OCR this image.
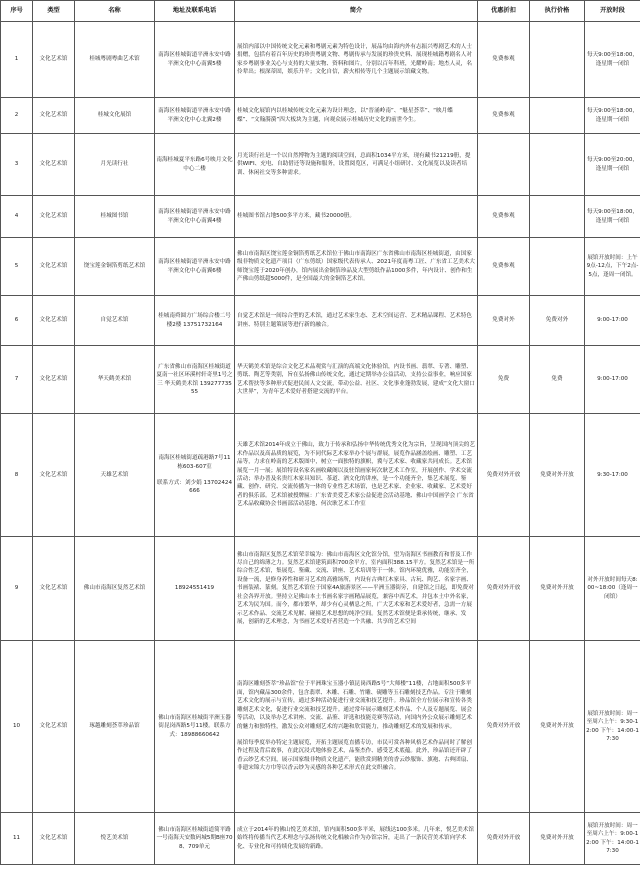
序号	类型	名称	地址及联系电话	简介	优惠折扣	执行价格	开放时段
1	文化艺术馆	桂城粤剧粤曲艺术馆	南海区桂城街道平洲永安中路平洲文化中心南翼5楼	展馆内部以中国传统文化元素和粤剧元素为特色设计，展品均由海内外有志振兴粤剧艺术的人士捐赠，包括有着百年历史的珍贵粤剧文物、粤剧传承与发展的珍贵史料、展现桂城籍粤剧名人对家乡粤剧事业关心与支持的大量实物、资料和图片，分别以百年科班，光耀岭南；地杰人灵，名伶辈出；根深蒂固，娱乐升平；文化自信，薪火相传等几个主题展示馆藏文物。	免费参观		每天9:00至18:00，逢星期一闭馆
2	文化艺术馆	桂城文化展馆	南海区桂城街道平洲永安中路平洲文化中心北翼2楼	桂城文化展馆内以桂城传统文化元素为设计理念，以“晋涌岭南”、“魁星荟萃”、“映月蝶蝶”、“文翰漪漪”四大板块为主题，向观众展示桂城历史文化的前世今生。	免费参观		每天9:00至18:00，逢星期一闭馆
3	文化艺术馆	月光读行社	南海桂城夏平东路6号映月文化中心二楼	月光读行社是一个以自然博物为主题的阅读空间，总面积1034平方米，现有藏书21219册，提供WIFI、充电、自助借还等设施和服务，设置阅览区，可满足小组研讨、文化展览以及读者培训、休闲社交等多种需求。			每天9:00至20:00，逢星期一闭馆
4	文化艺术馆	桂城图书馆	南海区桂城街道平洲永安中路平洲文化中心南翼4楼	桂城图书馆占地500多平方米，藏书20000册。	免费参观		每天9:00至18:00，逢星期一闭馆
5	文化艺术馆	饶宝莲金铜箔剪纸艺术馆	南海区桂城街道平洲永安中路平洲文化中心南翼6楼	佛山市南海区饶宝莲金铜箔剪纸艺术馆位于佛山市南海区广东省佛山市南海区桂城街道，由国家级非物质文化遗产项目（广东剪纸）国家级代表传承人、2021年度南粤工匠、广东省工艺美术大师饶宝莲于2020年创办，馆内展出金铜箔珍品及大型剪纸作品1000多件，年内设计、创作和生产佛山剪纸超5000件，是全国最大的金铜箔艺术馆。	免费参观		展馆开放时间：上午9点-12点，下午2点-5点，逢周一闭馆。
6	文化艺术馆	自觉艺术馆	桂城南舜圆方广场综合楼二号楼2楼 13751732164	自觉艺术馆是一间综合型的艺术馆，通过艺术家生态、艺术空间运营、艺术精品课程、艺术特色讲座、特别主题策展等进行新的融合。	免费对外	免费对外	9:00-17:00
7	文化艺术馆	华天鹤美术馆	广东省佛山市南海区桂城街道夏南一社区环溪村轩奇里1号之三 华天鹤美术馆 13927773555	华天鹤美术馆是综合文化艺术品观赏与汇演的高端文化体验馆，内设书画、翡翠、专著、雕塑、剪纸、陶艺等类别，旨在弘扬佛山传统文化，通过定期举办公益活动，支持公益事业，响应国家艺术帮扶等多种形式促进民间人文交流，带动公益、社区、文化事业蓬勃发展，建成“文化大窗口大世界”，为青年艺术爱好者搭建交流的平台。	免费	免费	9:00-17:00
8	文化艺术馆	天雄艺术馆	南海区桂城街道疏港路7号11栋603-607室
联系方式：刘少娟 13702424666	天雄艺术馆2014年成立于佛山，致力于传承和弘扬中华传统优秀文化为宗旨，呈现国内顶尖的艺术作品以及高品质的展览，为不同代际艺术家举办个展与群展，展览作品涵盖绘画、雕塑、工艺品等，力求在岭南的艺术版图中，树立一面独特的旗帜，冀与艺术家、收藏家共同成长。艺术馆展览一月一展；展馆特设名家名画收藏阁以及驻馆画家何次耿艺术工作室，开展创作、学术交流活动；举办普及名贵红木家具知识、茶道、酒文化的讲座，是一个功能齐全，集艺术展览、鉴藏、创作、研究、交流传播为一体的专业性艺术场馆，也是艺术家、企业家、收藏家、艺术爱好者的俱乐部。艺术馆被授牌匾：广东省美爱艺术家公益促进会活动基地、佛山中国画学会 广东省艺术品收藏协会书画部活动基地、何次耿艺术工作室	免费对外开放	免费对外开放	9:30-17:00
9	文化艺术馆	佛山市南海区复然艺术馆	18924551419	佛山市南海区复然艺术馆荣幸编为：佛山市南海区文化馆分馆，望为南海区书画教育和普及工作尽自己的绵薄之力。复然艺术馆建筑面积700余平方，室内面积388.15平方。复然艺术馆是一所综合性艺术馆，集展览、鉴藏、交流、讲座、艺术培训等于一体。馆内环境优雅，功能室齐全，设备一流，是修身养性和研习艺术的高雅场所，内设有古典红木家具、古玩、陶艺、名家字画、书画装裱、篆刻。复然艺术馆位于国家4A旅游景区——平洲玉器街旁，自建馆之日起，即免费对社会各界开放。坚持立足佛山本土书画名家字画精品展览，兼容中西艺术，并包本土中外名家，艺术为民为国。而今，都市繁华，却少有心灵栖息之所，广大艺术家和艺术爱好者，急需一方展示艺术作品、交流艺术见解、碰撞艺术思想的纯净空间。复然艺术馆便是秉承传统，继承、发展，创新的艺术理念，为书画艺术爱好者营造一个共融、共享的艺术空间	免费对外开放	免费对外开放	对外开放时间每天8:00~18:00（逢周一闭馆）
10	文化艺术馆	琢越雕刻荟萃珍品馆	佛山市南海区桂城街平洲玉器街昆岗西路5号11楼。联系方式：18988660642	南海区雕刻荟萃“珍品馆”位于平洲珠宝玉器小镇昆岗西路5号“大师楼”11楼，占地面积500多平面，馆内藏品300余件，包含翡翠、木雕、石雕、竹雕、砚雕等玉石雕刻技艺作品。专注于雕刻艺术文化的展示与宣传，通过多种活动促进行业交流和技艺提升。珍品馆全方位展示和宣传各类雕刻艺术文化，促进行业交流和技艺提升。通过常年展示雕刻艺术作品、个人及专题展览、展会等活动，以及举办艺术讲座、交流、品鉴、评选和技能竞赛等活动，向国内外公众展示雕刻艺术的魅力和独特性，激发公众对雕刻艺术的兴趣和欣赏能力，推动雕刻艺术的发展和传承。

展馆每季度举办特定主题展览，开拓主题展览直播专访，市民可赏各种风格艺术作品同时了解创作过程及背后故事，在此沉浸式地体验艺术，品鉴杰作、感受艺术底蕴。此外，珍品馆还开辟了香云纱艺术空间，展示国家级非物质文化遗产，能欣赏到精美的香云纱服饰、旗袍、古典团扇、非遗宋锦大方巾等以香云纱为灵感的各种艺术形式在此交织融合。	免费对外开放	免费对外开放	展馆开放时间：周一至周六上午：9:30-12:00 下午：14:00-17:30
11	文化艺术馆	悦艺美术馆	佛山市南海区桂城街道简平路一号南海天安数码城5期B座708、709单元	成立于2014年的佛山悦艺美术馆，馆内面积500多平米，展线达100多米。几年来，悦艺美术馆始终将传播当代艺术理念与弘扬传统文化相融合作为办馆宗旨，走出了一条民营美术馆向学术化、专业化和可持续化发展的新路。	免费对外开放	免费对外开放	展馆开放时间：周一至周六上午：9:00-12:00 下午：14:00-17:30
